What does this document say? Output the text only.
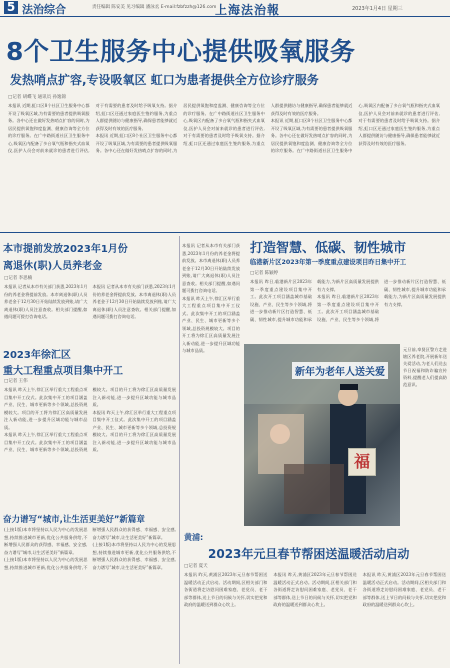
5 法治综合	责任编辑 陈安美 见习编辑 潘泳丞 E-mail:fzbfzzh@126.com
上海法治報	2023年1月4日 星期三
8个卫生服务中心提供吸氧服务
发热哨点扩容,专设吸氧区 虹口为患者提供全方位诊疗服务
□记者 胡蝶飞 通讯员 孙逸锦
本报讯 近期,虹口区8个社区卫生服务中心都开设了吸氧区域,为有需要的患者提供吸氧服务。各中心还在做好发热哨点扩容的同时,为居民提供氧饱和度监测、健康咨询等全方位的诊疗服务。在广中路街道社区卫生服务中心,吸氧区内配备了多台氧气瓶和指夹式血氧仪,医护人员会对前来就诊的患者进行评估,对于有需要的患者及时给予吸氧支持。据介绍,虹口区还通过家庭医生签约服务,为重点人群提供随访与健康指导,确保患者能够就近获得及时有效的医疗服务。
本报讯 近期,虹口区8个社区卫生服务中心都开设了吸氧区域,为有需要的患者提供吸氧服务。各中心还在做好发热哨点扩容的同时,为居民提供氧饱和度监测、健康咨询等全方位的诊疗服务。在广中路街道社区卫生服务中心,吸氧区内配备了多台氧气瓶和指夹式血氧仪,医护人员会对前来就诊的患者进行评估,对于有需要的患者及时给予吸氧支持。据介绍,虹口区还通过家庭医生签约服务,为重点人群提供随访与健康指导,确保患者能够就近获得及时有效的医疗服务。
本报讯 近期,虹口区8个社区卫生服务中心都开设了吸氧区域,为有需要的患者提供吸氧服务。各中心还在做好发热哨点扩容的同时,为居民提供氧饱和度监测、健康咨询等全方位的诊疗服务。在广中路街道社区卫生服务中心,吸氧区内配备了多台氧气瓶和指夹式血氧仪,医护人员会对前来就诊的患者进行评估,对于有需要的患者及时给予吸氧支持。据介绍,虹口区还通过家庭医生签约服务,为重点人群提供随访与健康指导,确保患者能够就近获得及时有效的医疗服务。
本市提前发放2023年1月份
离退休(职)人员养老金
□记者 李思楠
本报讯 记者从本市有关部门获悉,2023年1月份的养老金将提前发放。本市离退休(职)人员养老金于12月30日开始陆续发放到账,请广大离退休(职)人员注意查收。相关部门提醒,如遇问题可拨打咨询电话。
本报讯 记者从本市有关部门获悉,2023年1月份的养老金将提前发放。本市离退休(职)人员养老金于12月30日开始陆续发放到账,请广大离退休(职)人员注意查收。相关部门提醒,如遇问题可拨打咨询电话。
2023年徐汇区
重大工程重点项目集中开工
□记者 王伟
本报讯 昨天上午,徐汇区举行重大工程重点项目集中开工仪式。此次集中开工的项目涵盖产业、民生、城市更新等多个领域,总投资规模较大。项目的开工将为徐汇区高质量发展注入新动能,进一步提升区域功能与城市品质。
本报讯 昨天上午,徐汇区举行重大工程重点项目集中开工仪式。此次集中开工的项目涵盖产业、民生、城市更新等多个领域,总投资规模较大。项目的开工将为徐汇区高质量发展注入新动能,进一步提升区域功能与城市品质。
本报讯 昨天上午,徐汇区举行重大工程重点项目集中开工仪式。此次集中开工的项目涵盖产业、民生、城市更新等多个领域,总投资规模较大。项目的开工将为徐汇区高质量发展注入新动能,进一步提升区域功能与城市品质。
奋力谱写“城市,让生活更美好”新篇章
(上接1版)本市将坚持以人民为中心的发展思想,持续推进城市更新,优化公共服务供给,不断增强人民群众的获得感、幸福感、安全感,奋力谱写“城市,让生活更美好”新篇章。
(上接1版)本市将坚持以人民为中心的发展思想,持续推进城市更新,优化公共服务供给,不断增强人民群众的获得感、幸福感、安全感,奋力谱写“城市,让生活更美好”新篇章。
(上接1版)本市将坚持以人民为中心的发展思想,持续推进城市更新,优化公共服务供给,不断增强人民群众的获得感、幸福感、安全感,奋力谱写“城市,让生活更美好”新篇章。
本报讯 记者从本市有关部门获悉,2023年1月份的养老金将提前发放。本市离退休(职)人员养老金于12月30日开始陆续发放到账,请广大离退休(职)人员注意查收。相关部门提醒,如遇问题可拨打咨询电话。
本报讯 昨天上午,徐汇区举行重大工程重点项目集中开工仪式。此次集中开工的项目涵盖产业、民生、城市更新等多个领域,总投资规模较大。项目的开工将为徐汇区高质量发展注入新动能,进一步提升区域功能与城市品质。
打造智慧、低碳、韧性城市
临港新片区2023年第一季度重点建设项目昨日集中开工
□记者 陈颖婷
本报讯 昨日,临港新片区2023年第一季度重点建设项目集中开工。此次开工项目涵盖城市基础设施、产业、民生等多个领域,将进一步推动新片区打造智慧、低碳、韧性城市,提升城市功能和承载能力,为新片区高质量发展提供有力支撑。
本报讯 昨日,临港新片区2023年第一季度重点建设项目集中开工。此次开工项目涵盖城市基础设施、产业、民生等多个领域,将进一步推动新片区打造智慧、低碳、韧性城市,提升城市功能和承载能力,为新片区高质量发展提供有力支撑。
福
新年为老年人送关爱
元旦前,奉贤区警方走进辖区养老院,开展新年送关爱活动,为老人们送去节日祝福和防诈骗宣传资料,提醒老人们提高防范意识。
黄浦:
2023年元旦春节帮困送温暖活动启动
□记者 夏天
本报讯 昨天,黄浦区2023年元旦春节帮困送温暖活动正式启动。活动期间,区相关部门和各街道将走访慰问困难家庭、老党员、老干部等群体,送上节日的问候与关怀,切实把党和政府的温暖送到群众心坎上。
本报讯 昨天,黄浦区2023年元旦春节帮困送温暖活动正式启动。活动期间,区相关部门和各街道将走访慰问困难家庭、老党员、老干部等群体,送上节日的问候与关怀,切实把党和政府的温暖送到群众心坎上。
本报讯 昨天,黄浦区2023年元旦春节帮困送温暖活动正式启动。活动期间,区相关部门和各街道将走访慰问困难家庭、老党员、老干部等群体,送上节日的问候与关怀,切实把党和政府的温暖送到群众心坎上。
